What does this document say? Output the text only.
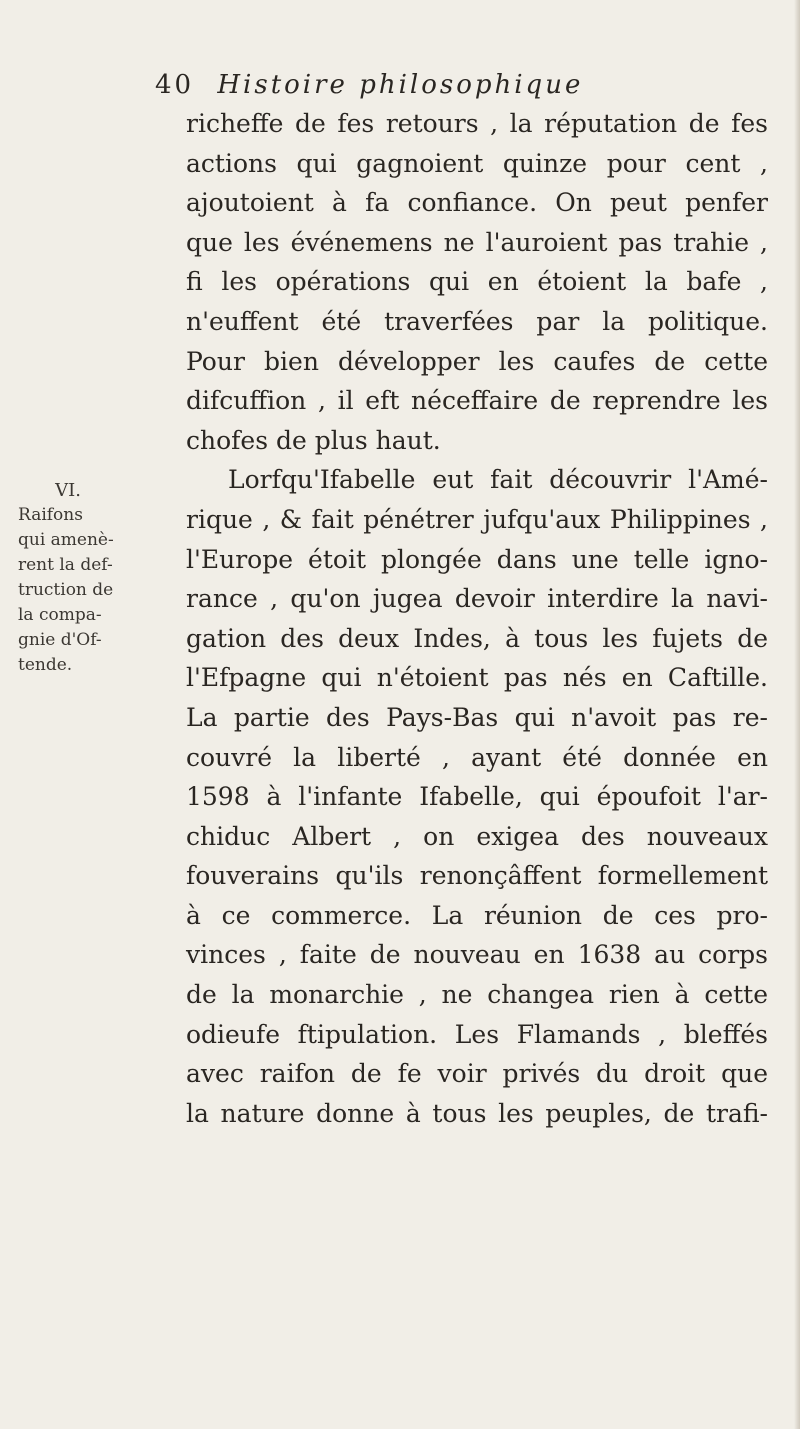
40 Histoire philosophique
VI.
Raifons
qui amenè-
rent la def-
truction de
la compa-
gnie d'Of-
tende.
richeffe de fes retours , la réputation de fes
actions qui gagnoient quinze pour cent ,
ajoutoient à fa confiance. On peut penfer
que les événemens ne l'auroient pas trahie ,
fi les opérations qui en étoient la bafe ,
n'euffent été traverfées par la politique.
Pour bien développer les caufes de cette
difcuffion , il eft néceffaire de reprendre les
chofes de plus haut.
Lorfqu'Ifabelle eut fait découvrir l'Amé-
rique , & fait pénétrer jufqu'aux Philippines ,
l'Europe étoit plongée dans une telle igno-
rance , qu'on jugea devoir interdire la navi-
gation des deux Indes, à tous les fujets de
l'Efpagne qui n'étoient pas nés en Caftille.
La partie des Pays-Bas qui n'avoit pas re-
couvré la liberté , ayant été donnée en
1598 à l'infante Ifabelle, qui époufoit l'ar-
chiduc Albert , on exigea des nouveaux
fouverains qu'ils renonçâffent formellement
à ce commerce. La réunion de ces pro-
vinces , faite de nouveau en 1638 au corps
de la monarchie , ne changea rien à cette
odieufe ftipulation. Les Flamands , bleffés
avec raifon de fe voir privés du droit que
la nature donne à tous les peuples, de trafi-
